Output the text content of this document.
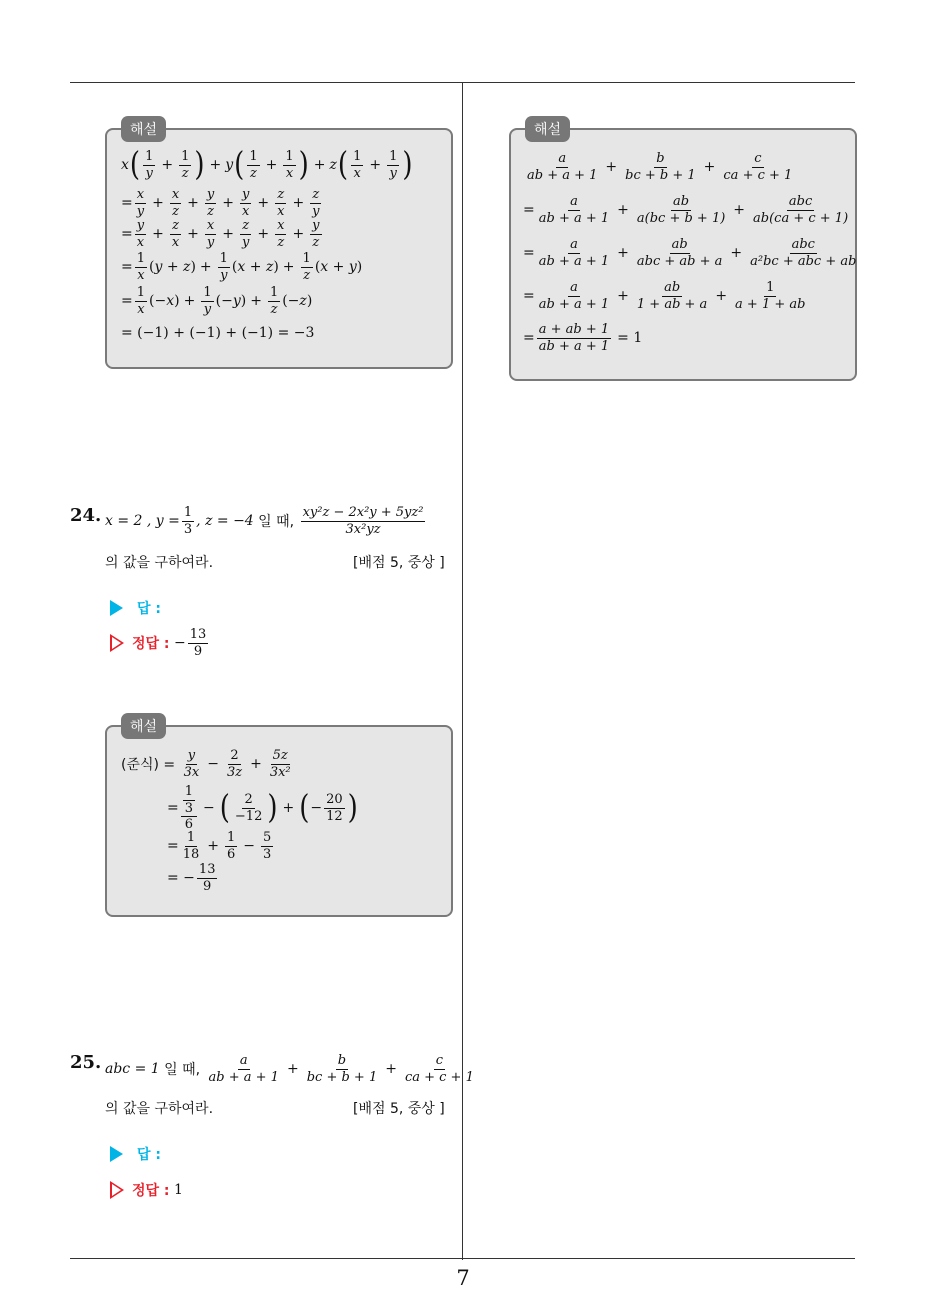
7
해설
x ( $\frac{1}{y} + \frac{1}{z}$ ) + y ( $\frac{1}{z} + \frac{1}{x}$ ) + z ( $\frac{1}{x} + \frac{1}{y}$ )
= $\frac{x}{y} + \frac{x}{z} + \frac{y}{z} + \frac{y}{x} + \frac{z}{x} + \frac{z}{y}$
= $\frac{y}{x} + \frac{z}{x} + \frac{x}{y} + \frac{z}{y} + \frac{x}{z} + \frac{y}{z}$
= $\frac{1}{x} (y + z) + \frac{1}{y} (x + z) + \frac{1}{z} (x + y)$
= $\frac{1}{x} (-x) + \frac{1}{y} (-y) + \frac{1}{z} (-z)$
= (−1) + (−1) + (−1) = −3
24. x = 2 ,
$y = \frac{1}{3}$ , z = −4
일 때,
$\frac{\text{xy²z − 2x²y + 5yz²}}{\text{3x²yz}}$
의 값을 구하여라.	[배점 5, 중상 ]
답 :
정답 :
− $\frac{13}{9}$
해설
(준식) =
$\frac{y}{3x} - \frac{2}{3z} + \frac{5z}{\text{3x²}}$
= $\frac{\frac{1}{3}}{6}$ − ( $\frac{2}{-12}$ ) + ( − $\frac{20}{12}$ )
= $\frac{1}{18} + \frac{1}{6} - \frac{5}{3}$
= − $\frac{13}{9}$
25. abc = 1
일 때,
$\frac{a}{ab + a + 1} + \frac{b}{bc + b + 1} + \frac{c}{ca + c + 1}$
의 값을 구하여라.	[배점 5, 중상 ]
답 :
정답 :
1
해설
$\frac{a}{ab + a + 1} + \frac{b}{bc + b + 1} + \frac{c}{ca + c + 1}$
= $\frac{a}{ab + a + 1} + \frac{ab}{a(bc + b + 1)} + \frac{\text{abc}}{ab(ca + c + 1)}$
= $\frac{a}{ab + a + 1} + \frac{ab}{\text{abc + ab + a}} + \frac{\text{abc}}{\text{a²bc + abc + ab}}$
= $\frac{a}{ab + a + 1} + \frac{ab}{1 + ab + a} + \frac{1}{a + 1 + ab}$
= $\frac{a + ab + 1}{ab + a + 1} = 1$
